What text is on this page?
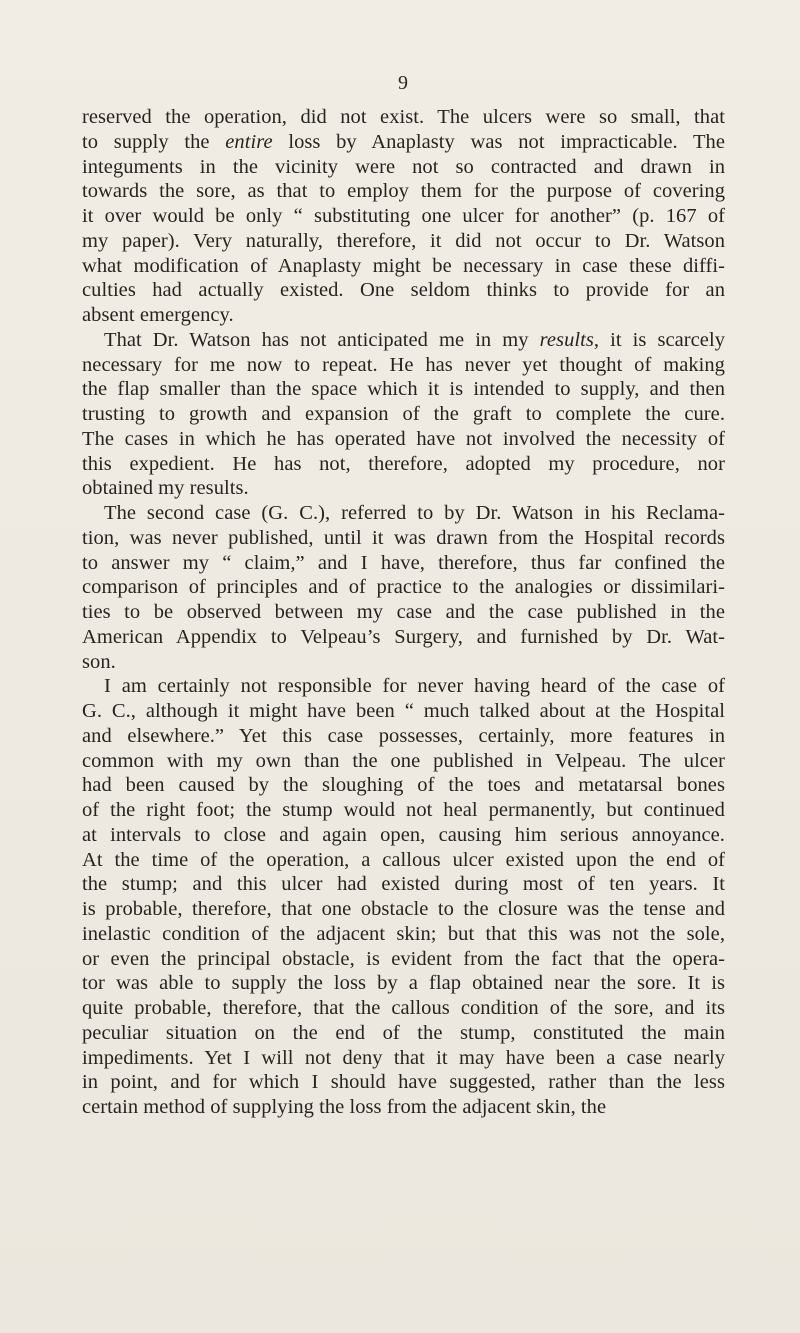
9
reserved the operation, did not exist. The ulcers were so small, that
to supply the entire loss by Anaplasty was not impracticable. The
integuments in the vicinity were not so contracted and drawn in
towards the sore, as that to employ them for the purpose of covering
it over would be only “ substituting one ulcer for another” (p. 167 of
my paper). Very naturally, therefore, it did not occur to Dr. Watson
what modification of Anaplasty might be necessary in case these diffi-
culties had actually existed. One seldom thinks to provide for an
absent emergency.
That Dr. Watson has not anticipated me in my results, it is scarcely
necessary for me now to repeat. He has never yet thought of making
the flap smaller than the space which it is intended to supply, and then
trusting to growth and expansion of the graft to complete the cure.
The cases in which he has operated have not involved the necessity of
this expedient. He has not, therefore, adopted my procedure, nor
obtained my results.
The second case (G. C.), referred to by Dr. Watson in his Reclama-
tion, was never published, until it was drawn from the Hospital records
to answer my “ claim,” and I have, therefore, thus far confined the
comparison of principles and of practice to the analogies or dissimilari-
ties to be observed between my case and the case published in the
American Appendix to Velpeau’s Surgery, and furnished by Dr. Wat-
son.
I am certainly not responsible for never having heard of the case of
G. C., although it might have been “ much talked about at the Hospital
and elsewhere.” Yet this case possesses, certainly, more features in
common with my own than the one published in Velpeau. The ulcer
had been caused by the sloughing of the toes and metatarsal bones
of the right foot; the stump would not heal permanently, but continued
at intervals to close and again open, causing him serious annoyance.
At the time of the operation, a callous ulcer existed upon the end of
the stump; and this ulcer had existed during most of ten years. It
is probable, therefore, that one obstacle to the closure was the tense and
inelastic condition of the adjacent skin; but that this was not the sole,
or even the principal obstacle, is evident from the fact that the opera-
tor was able to supply the loss by a flap obtained near the sore. It is
quite probable, therefore, that the callous condition of the sore, and its
peculiar situation on the end of the stump, constituted the main
impediments. Yet I will not deny that it may have been a case nearly
in point, and for which I should have suggested, rather than the less
certain method of supplying the loss from the adjacent skin, the
